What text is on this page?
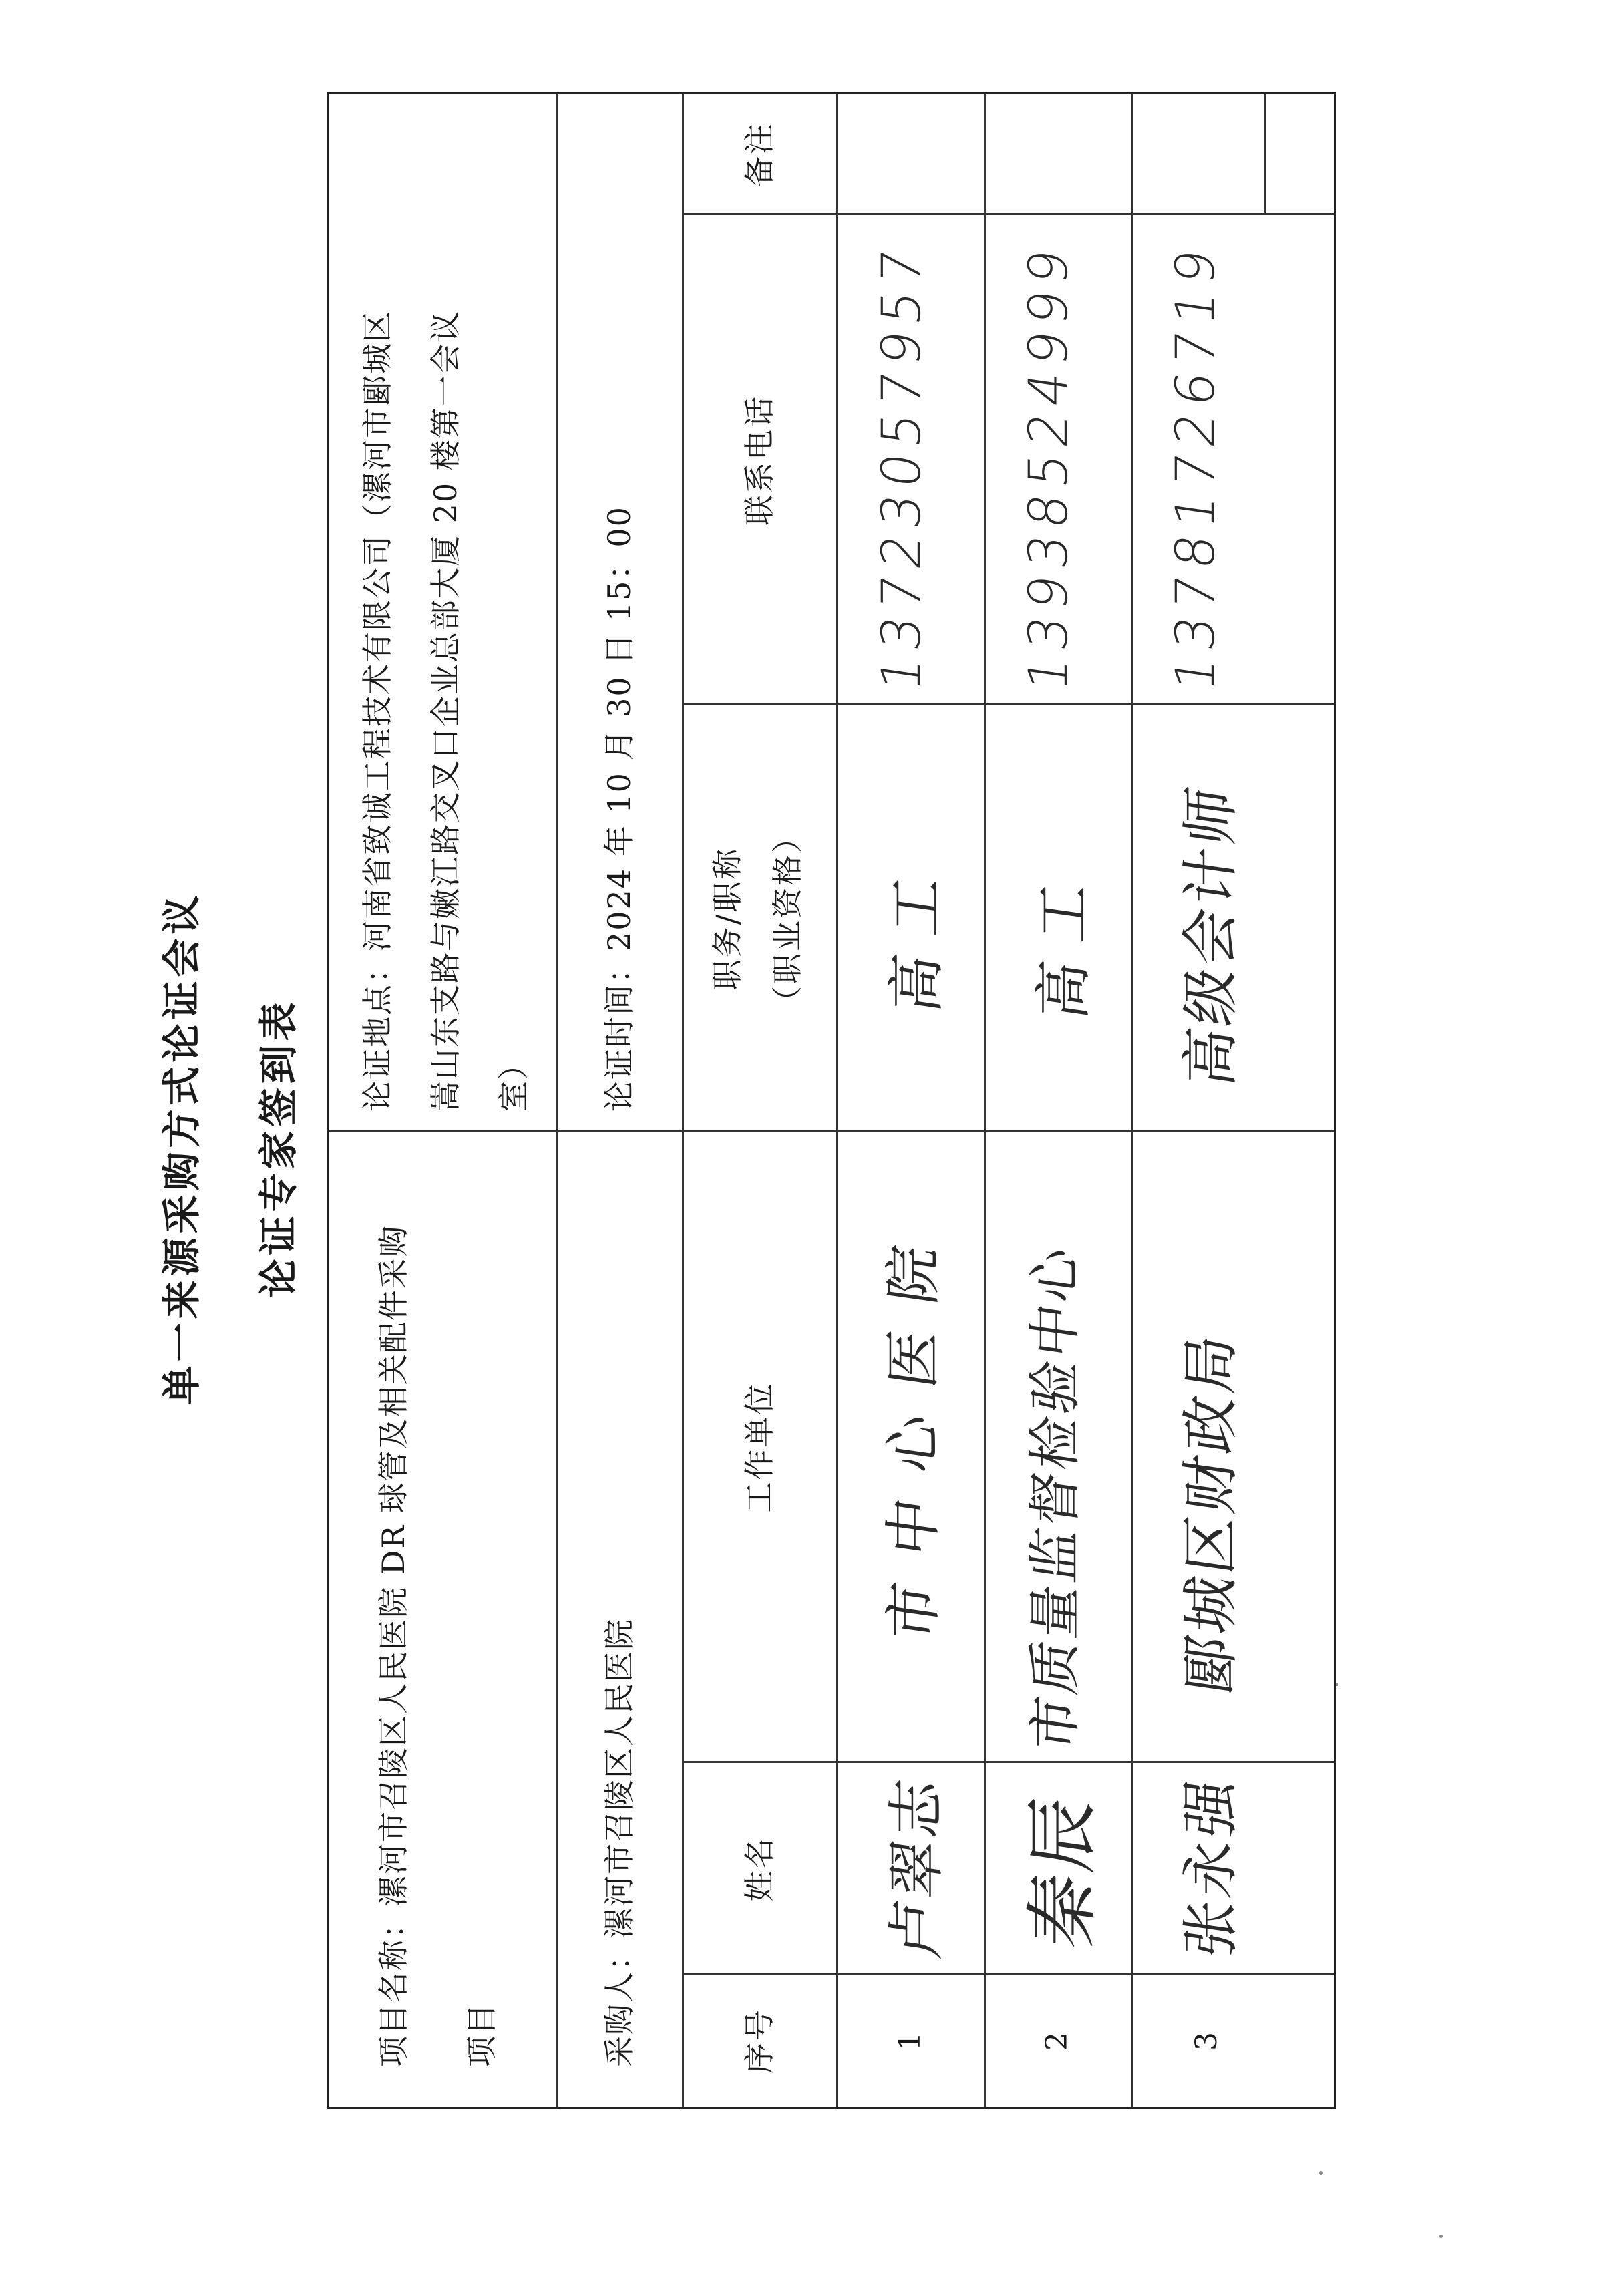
单一来源采购方式论证会议 论证专家签到表
项目名称：漯河市召陵区人民医院 DR 球管及相关配件采购
项目
论证地点：河南省致诚工程技术有限公司（漯河市郾城区	嵩山东支路与嫩江路交叉口企业总部大厦 20 楼第一会议	室）
采购人：漯河市召陵区人民医院
论证时间：2024 年 10 月 30 日 15：00
序号
姓名
工作单位
职务/职称 （职业资格）
联系电话
备注
1
卢翠志
市中心医院
高工
13723057957
2
秦辰
市质量监督检验中心
高工
13938524999
3
张永强
郾城区财政局
高级会计师
13781726719
